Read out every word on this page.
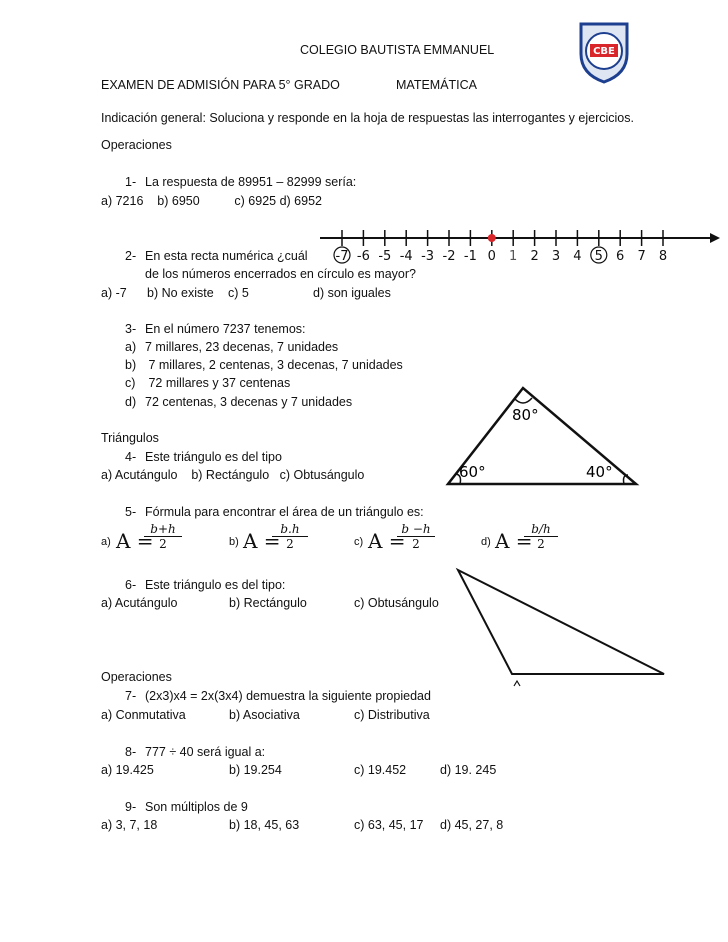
COLEGIO BAUTISTA EMMANUEL	CBE
EXAMEN DE ADMISIÓN PARA 5° GRADO	MATEMÁTICA
Indicación general: Soluciona y responde en la hoja de respuestas las interrogantes y ejercicios.
Operaciones
1- La respuesta de 89951 – 82999 sería:
a) 7216    b) 6950          c) 6925 d) 6952
2- En esta recta numérica ¿cuál
de los números encerrados en círculo es mayor?
a) -7 b) No existe c) 5	d) son iguales
-7 -6 -5 -4 -3 -2 -1 0 1 2 3 4 5 6 7 8
3- En el número 7237 tenemos:
a) 7 millares, 23 decenas, 7 unidades
b) 7 millares, 2 centenas, 3 decenas, 7 unidades
c) 72 millares y 37 centenas
d) 72 centenas, 3 decenas y 7 unidades
80°
60°	40°
Triángulos
4- Este triángulo es del tipo
a) Acutángulo    b) Rectángulo   c) Obtusángulo
5- Fórmula para encontrar el área de un triángulo es:
a) A =
$\frac{b+h}{2}$	b) A =
$\frac{b.h}{2}$	c) A =
$\frac{b -h}{2}$	d) A =
$\frac{b/h}{2}$
6- Este triángulo es del tipo:
a) Acutángulo	b) Rectángulo	c) Obtusángulo
Operaciones
7- (2x3)x4 = 2x(3x4) demuestra la siguiente propiedad
a) Conmutativa	b) Asociativa	c) Distributiva
8- 777 ÷ 40 será igual a:
a) 19.425	b) 19.254	c) 19.452	d) 19. 245
9- Son múltiplos de 9
a) 3, 7, 18	b) 18, 45, 63	c) 63, 45, 17 d) 45, 27, 8
